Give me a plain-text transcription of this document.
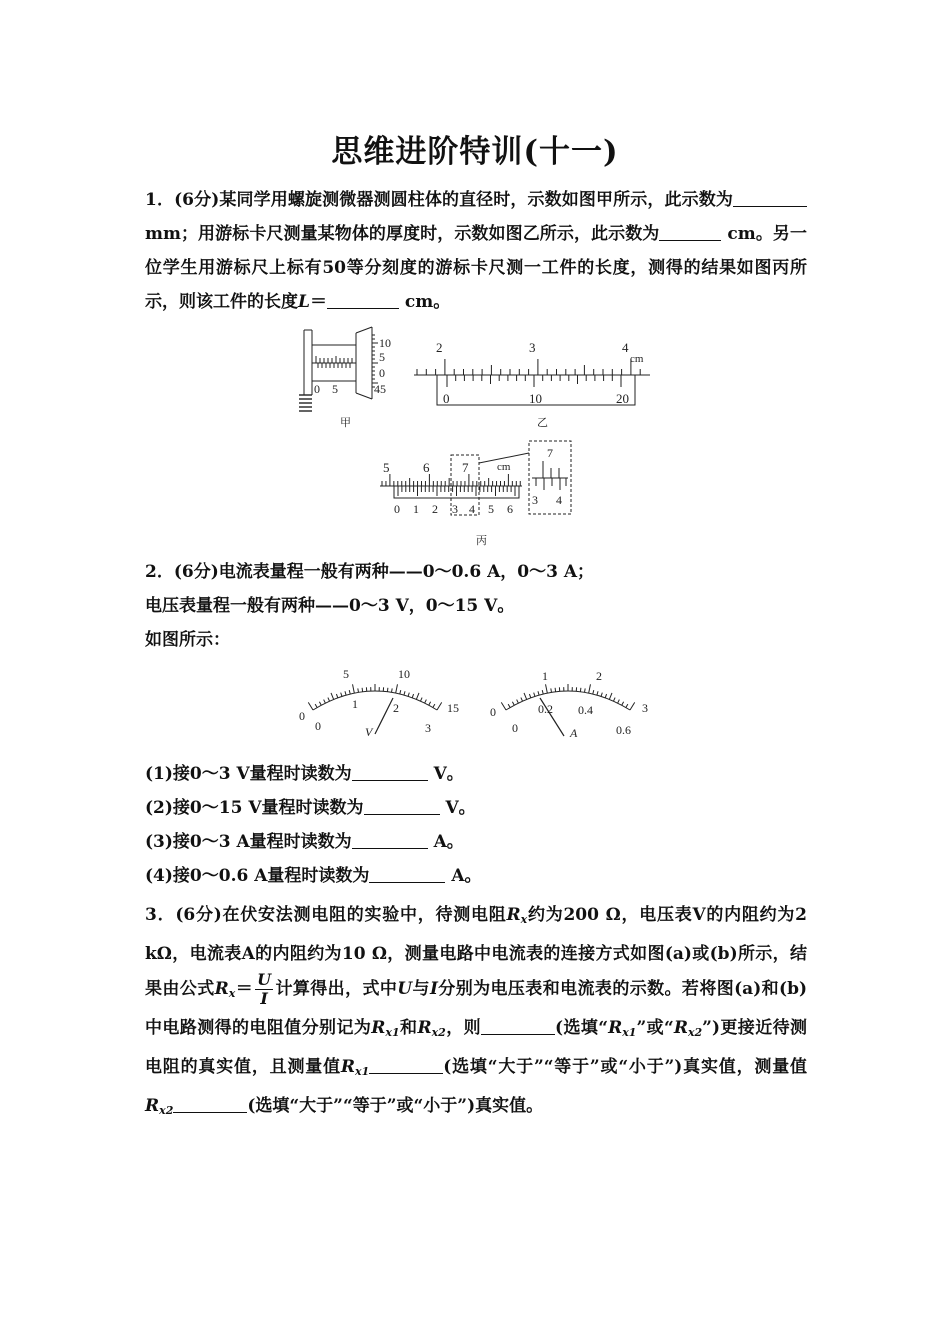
思维进阶特训(十一)

1．(6分)某同学用螺旋测微器测圆柱体的直径时，示数如图甲所示，此示数为 mm；用游标卡尺测量某物体的厚度时，示数如图乙所示，此示数为	cm。另一位学生用游标尺上标有50等分刻度的游标卡尺测一工件的长度，测得的结果如图丙所示，则该工件的长度L＝	cm。

10
5
0
45
0 5
甲
2	3	4
cm
0	10	20
乙
5	6	7	cm
0 1 2 3 4 5 6
7
3 4
丙

2．(6分)电流表量程一般有两种——0～0.6 A，0～3 A；

电压表量程一般有两种——0～3 V，0～15 V。

如图所示：

0
5	10
15
0
1	2
3
V
0
1	2
3
0
0.2 0.4
0.6
A

(1)接0～3 V量程时读数为	V。

(2)接0～15 V量程时读数为	V。

(3)接0～3 A量程时读数为	A。

(4)接0～0.6 A量程时读数为	A。

3．(6分)在伏安法测电阻的实验中，待测电阻$R_x$约为200 Ω，电压表V的内阻约为2 kΩ，电流表A的内阻约为10 Ω，测量电路中电流表的连接方式如图(a)或(b)所示，结果由公式$R_x= \frac{U}{I}$ 计算得出，式中U与I分别为电压表和电流表的示数。若将图(a)和(b)中电路测得的电阻值分别记为$R_{x1}$和$R_{x2}$，则	(选填“$R_{x1}$”或“$R_{x2}$”)更接近待测电阻的真实值，且测量值$R_{x1}$	(选填“大于”“等于”或“小于”)真实值，测量值$R_{x2}$	(选填“大于”“等于”或“小于”)真实值。
